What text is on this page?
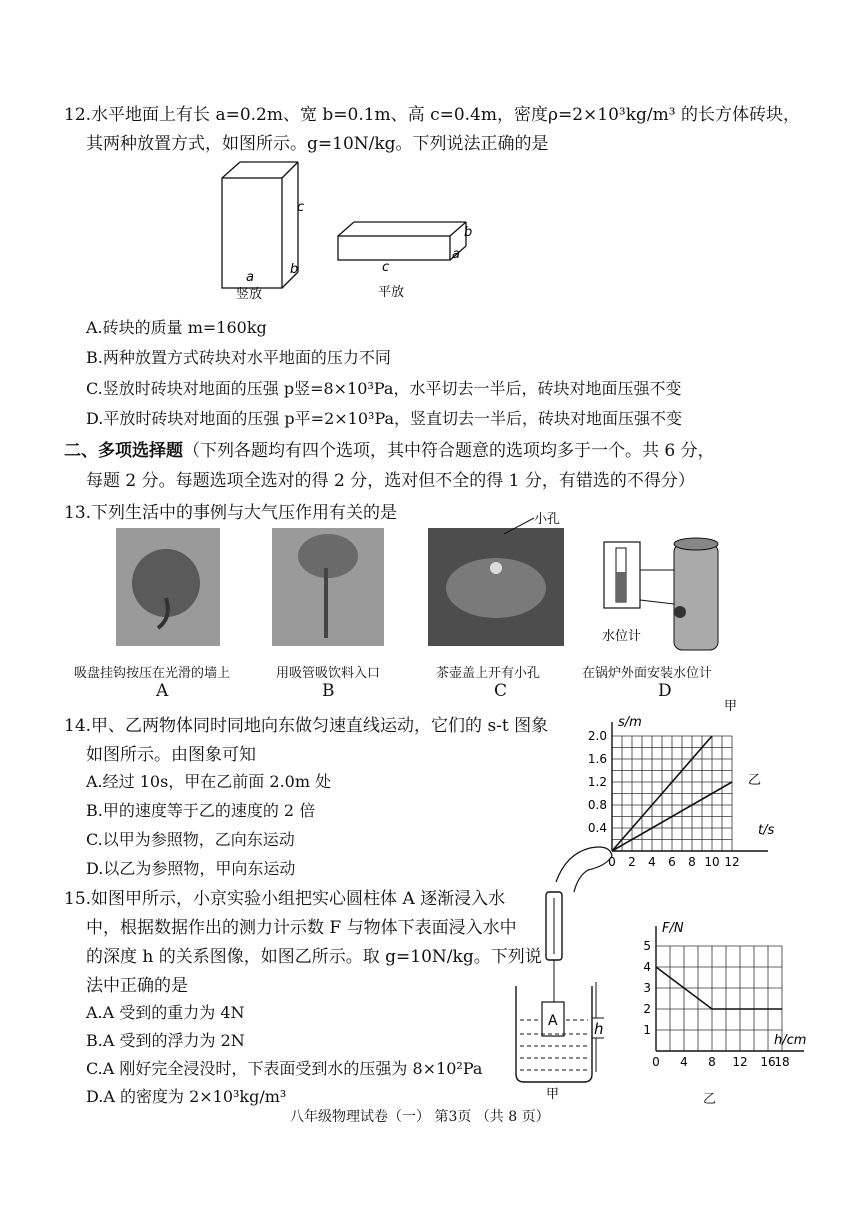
12.水平地面上有长 a=0.2m、宽 b=0.1m、高 c=0.4m，密度ρ=2×10³kg/m³ 的长方体砖块，
其两种放置方式，如图所示。g=10N/kg。下列说法正确的是
c
a
b
竖放
b
a
c
平放
A.砖块的质量 m=160kg
B.两种放置方式砖块对水平地面的压力不同
C.竖放时砖块对地面的压强 p竖=8×10³Pa，水平切去一半后，砖块对地面压强不变
D.平放时砖块对地面的压强 p平=2×10³Pa，竖直切去一半后，砖块对地面压强不变
二、多项选择题（下列各题均有四个选项，其中符合题意的选项均多于一个。共 6 分，
每题 2 分。每题选项全选对的得 2 分，选对但不全的得 1 分，有错选的不得分）
13.下列生活中的事例与大气压作用有关的是	小孔
水位计
吸盘挂钩按压在光滑的墙上	用吸管吸饮料入口	茶壶盖上开有小孔	在锅炉外面安装水位计
A	B	C	D
14.甲、乙两物体同时同地向东做匀速直线运动，它们的 s-t 图象
如图所示。由图象可知
A.经过 10s，甲在乙前面 2.0m 处
B.甲的速度等于乙的速度的 2 倍
C.以甲为参照物，乙向东运动
D.以乙为参照物，甲向东运动	0 2 4 6 8 10 12
0.4
0.8
1.2
1.6
2.0
t/s
s/m
甲
乙
15.如图甲所示，小京实验小组把实心圆柱体 A 逐渐浸入水
中，根据数据作出的测力计示数 F 与物体下表面浸入水中
的深度 h 的关系图像，如图乙所示。取 g=10N/kg。下列说
法中正确的是
A.A 受到的重力为 4N
B.A 受到的浮力为 2N
C.A 刚好完全浸没时，下表面受到水的压强为 8×10²Pa
D.A 的密度为 2×10³kg/m³
A h
甲
0 4 8 12 16
18
1
2
3
4
5
h/cm
F/N
乙
八年级物理试卷（一） 第3页 （共 8 页）
